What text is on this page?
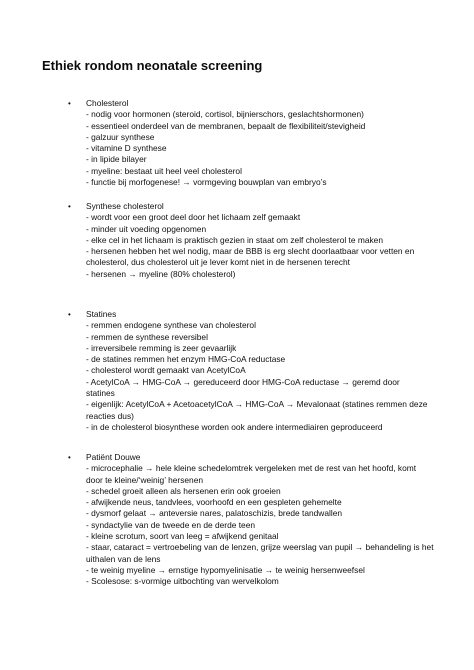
Ethiek rondom neonatale screening
• Cholesterol
- nodig voor hormonen (steroid, cortisol, bijnierschors, geslachtshormonen)
- essentieel onderdeel van de membranen, bepaalt de flexibiliteit/stevigheid
- galzuur synthese
- vitamine D synthese
- in lipide bilayer
- myeline: bestaat uit heel veel cholesterol
- functie bij morfogenese! → vormgeving bouwplan van embryo’s
• Synthese cholesterol
- wordt voor een groot deel door het lichaam zelf gemaakt
- minder uit voeding opgenomen
- elke cel in het lichaam is praktisch gezien in staat om zelf cholesterol te maken
- hersenen hebben het wel nodig, maar de BBB is erg slecht doorlaatbaar voor vetten en
cholesterol, dus cholesterol uit je lever komt niet in de hersenen terecht
- hersenen → myeline (80% cholesterol)
• Statines
- remmen endogene synthese van cholesterol
- remmen de synthese reversibel
- irreversibele remming is zeer gevaarlijk
- de statines remmen het enzym HMG-CoA reductase
- cholesterol wordt gemaakt van AcetylCoA
- AcetylCoA → HMG-CoA → gereduceerd door HMG-CoA reductase → geremd door
statines
- eigenlijk: AcetylCoA + AcetoacetylCoA → HMG-CoA → Mevalonaat (statines remmen deze
reacties dus)
- in de cholesterol biosynthese worden ook andere intermediairen geproduceerd
• Patiënt Douwe
- microcephalie → hele kleine schedelomtrek vergeleken met de rest van het hoofd, komt
door te kleine/‘weinig’ hersenen
- schedel groeit alleen als hersenen erin ook groeien
- afwijkende neus, tandvlees, voorhoofd en een gespleten gehemelte
- dysmorf gelaat → anteversie nares, palatoschizis, brede tandwallen
- syndactylie van de tweede en de derde teen
- kleine scrotum, soort van leeg = afwijkend genitaal
- staar, cataract = vertroebeling van de lenzen, grijze weerslag van pupil → behandeling is het
uithalen van de lens
- te weinig myeline → ernstige hypomyelinisatie → te weinig hersenweefsel
- Scolesose: s-vormige uitbochting van wervelkolom
